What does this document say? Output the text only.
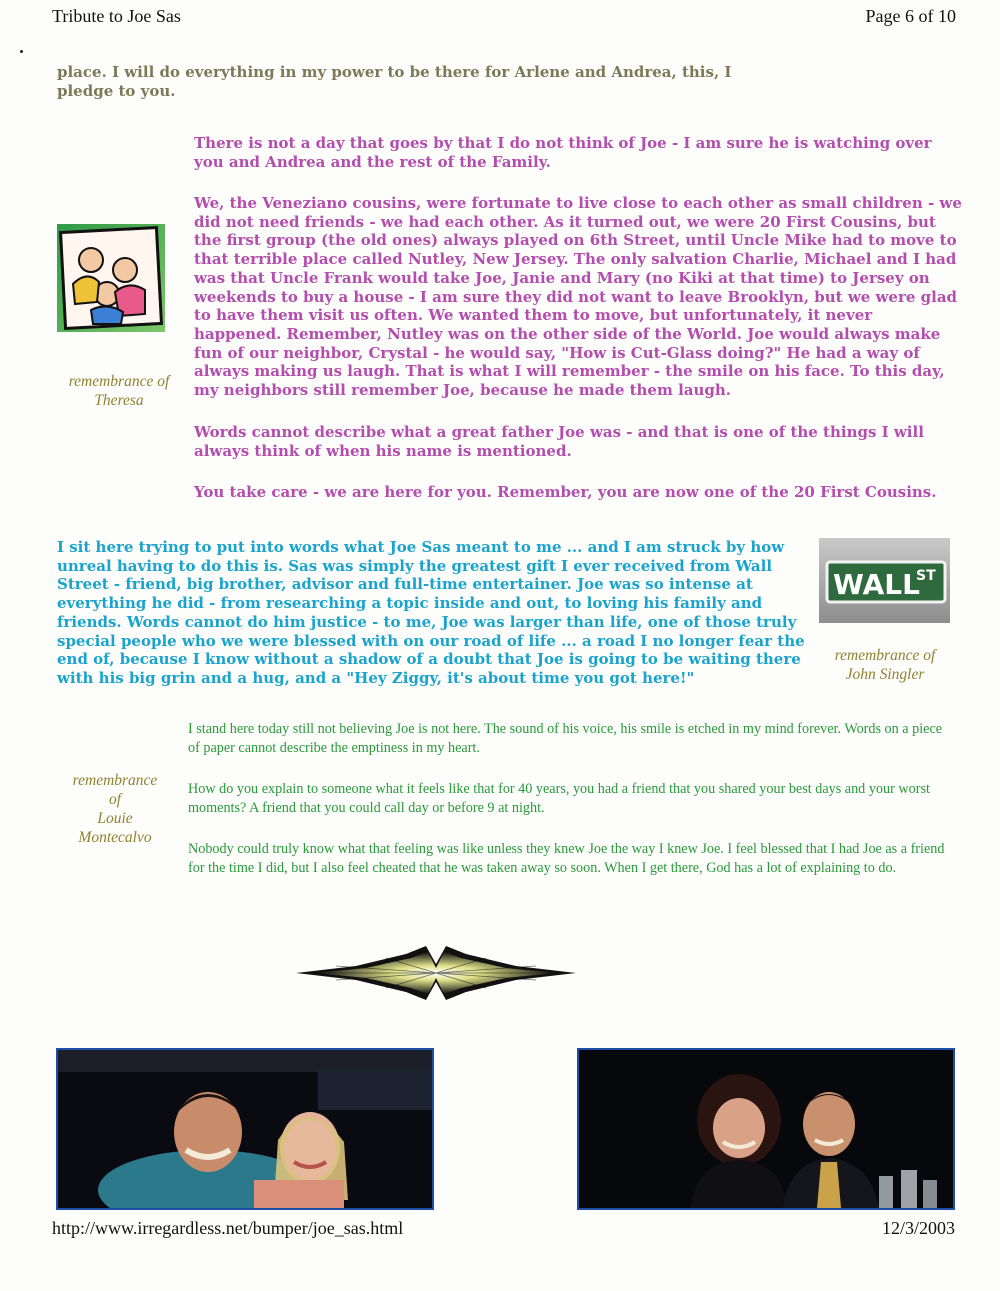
Tribute to Joe Sas	Page 6 of 10

place. I will do everything in my power to be there for Arlene and Andrea, this, I pledge to you.

There is not a day that goes by that I do not think of Joe - I am sure he is watching over you and Andrea and the rest of the Family.

We, the Veneziano cousins, were fortunate to live close to each other as small children - we did not need friends - we had each other. As it turned out, we were 20 First Cousins, but the first group (the old ones) always played on 6th Street, until Uncle Mike had to move to that terrible place called Nutley, New Jersey. The only salvation Charlie, Michael and I had was that Uncle Frank would take Joe, Janie and Mary (no Kiki at that time) to Jersey on weekends to buy a house - I am sure they did not want to leave Brooklyn, but we were glad to have them visit us often. We wanted them to move, but unfortunately, it never happened. Remember, Nutley was on the other side of the World. Joe would always make fun of our neighbor, Crystal - he would say, "How is Cut-Glass doing?" He had a way of always making us laugh. That is what I will remember - the smile on his face. To this day, my neighbors still remember Joe, because he made them laugh.

Words cannot describe what a great father Joe was - and that is one of the things I will always think of when his name is mentioned.

You take care - we are here for you. Remember, you are now one of the 20 First Cousins.

remembrance of
Theresa

I sit here trying to put into words what Joe Sas meant to me ... and I am struck by how unreal having to do this is. Sas was simply the greatest gift I ever received from Wall Street - friend, big brother, advisor and full-time entertainer. Joe was so intense at everything he did - from researching a topic inside and out, to loving his family and friends. Words cannot do him justice - to me, Joe was larger than life, one of those truly special people who we were blessed with on our road of life ... a road I no longer fear the end of, because I know without a shadow of a doubt that Joe is going to be waiting there with his big grin and a hug, and a "Hey Ziggy, it's about time you got here!"

WALL
ST
remembrance of
John Singler

I stand here today still not believing Joe is not here. The sound of his voice, his smile is etched in my mind forever. Words on a piece of paper cannot describe the emptiness in my heart.

How do you explain to someone what it feels like that for 40 years, you had a friend that you shared your best days and your worst moments? A friend that you could call day or before 9 at night.

Nobody could truly know what that feeling was like unless they knew Joe the way I knew Joe. I feel blessed that I had Joe as a friend for the time I did, but I also feel cheated that he was taken away so soon. When I get there, God has a lot of explaining to do.

remembrance
of
Louie
Montecalvo
http://www.irregardless.net/bumper/joe_sas.html	12/3/2003
